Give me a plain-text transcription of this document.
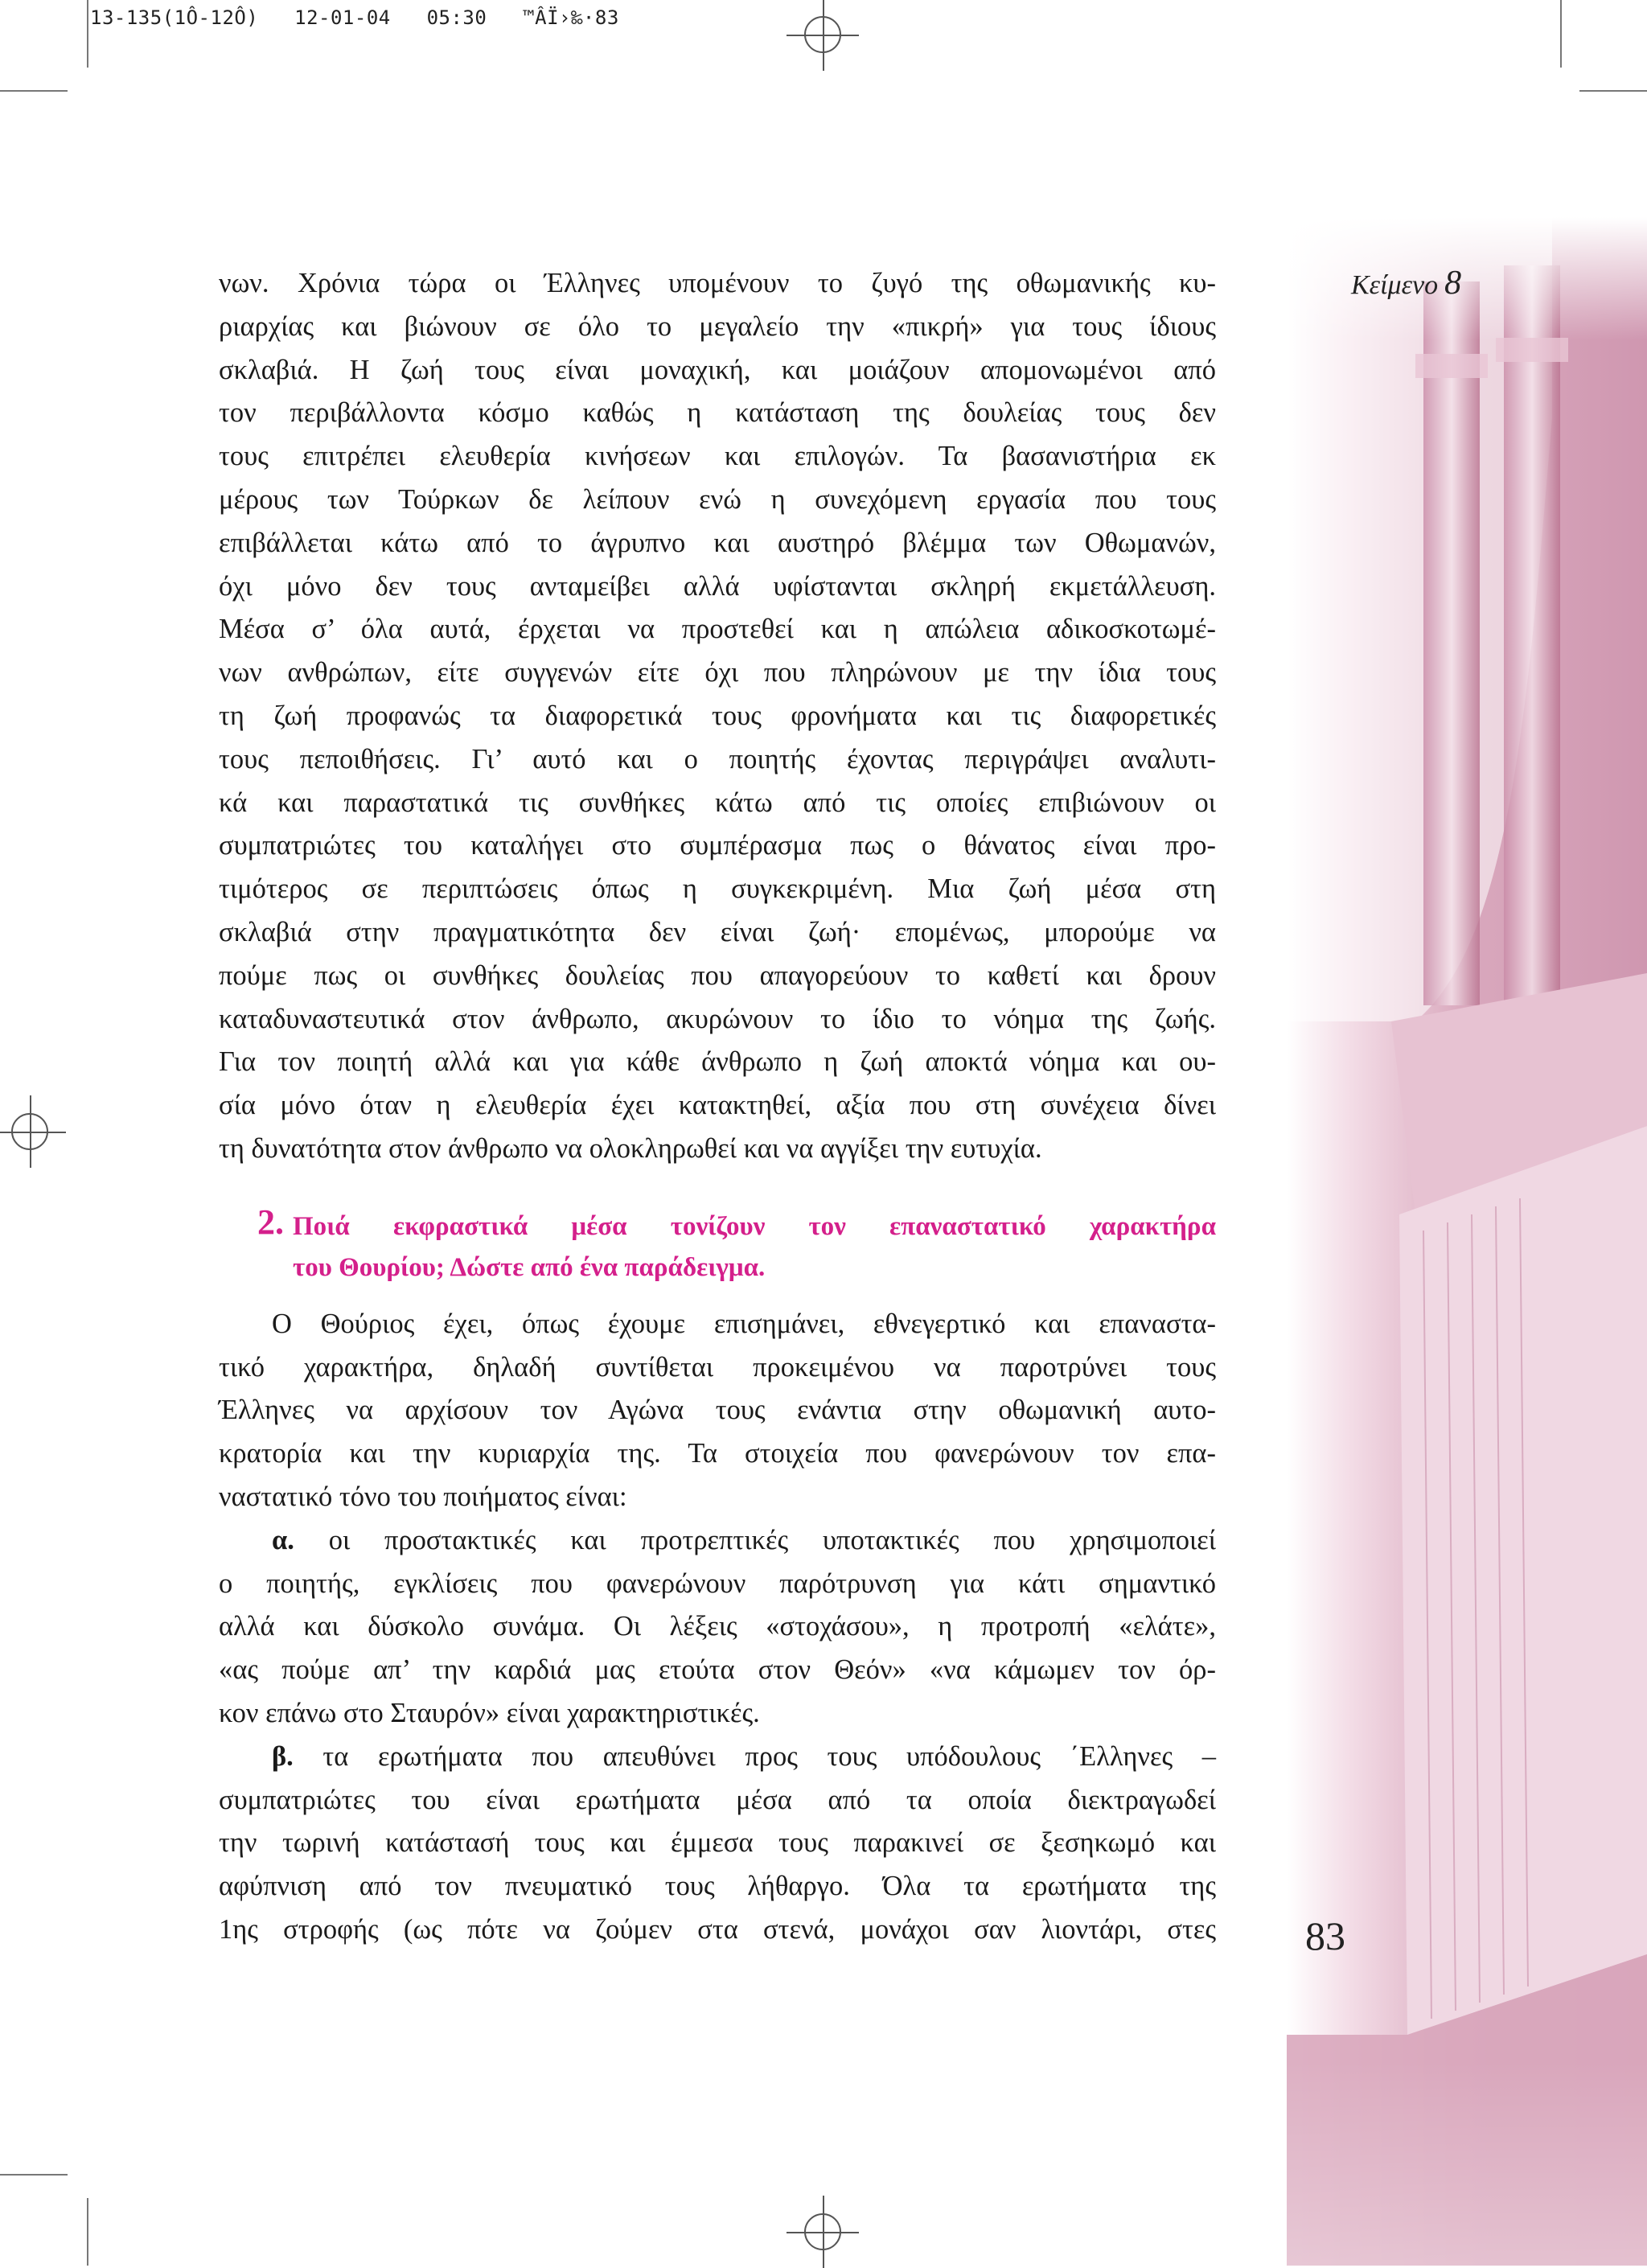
13-135(1Ô-12Ô)   12-01-04   05:30   ™ÂÏ›‰·83
Κείμενο 8

νων. Χρόνια τώρα οι Έλληνες υπομένουν το ζυγό της οθωμανικής κυ-

ριαρχίας και βιώνουν σε όλο το μεγαλείο την «πικρή» για τους ίδιους

σκλαβιά. Η ζωή τους είναι μοναχική, και μοιάζουν απομονωμένοι από

τον περιβάλλοντα κόσμο καθώς η κατάσταση της δουλείας τους δεν

τους επιτρέπει ελευθερία κινήσεων και επιλογών. Τα βασανιστήρια εκ

μέρους των Τούρκων δε λείπουν ενώ η συνεχόμενη εργασία που τους

επιβάλλεται κάτω από το άγρυπνο και αυστηρό βλέμμα των Οθωμανών,

όχι μόνο δεν τους ανταμείβει αλλά υφίστανται σκληρή εκμετάλλευση.

Μέσα σ’ όλα αυτά, έρχεται να προστεθεί και η απώλεια αδικοσκοτωμέ-

νων ανθρώπων, είτε συγγενών είτε όχι που πληρώνουν με την ίδια τους

τη ζωή προφανώς τα διαφορετικά τους φρονήματα και τις διαφορετικές

τους πεποιθήσεις. Γι’ αυτό και ο ποιητής έχοντας περιγράψει αναλυτι-

κά και παραστατικά τις συνθήκες κάτω από τις οποίες επιβιώνουν οι

συμπατριώτες του καταλήγει στο συμπέρασμα πως ο θάνατος είναι προ-

τιμότερος σε περιπτώσεις όπως η συγκεκριμένη. Μια ζωή μέσα στη

σκλαβιά στην πραγματικότητα δεν είναι ζωή· επομένως, μπορούμε να

πούμε πως οι συνθήκες δουλείας που απαγορεύουν το καθετί και δρουν

καταδυναστευτικά στον άνθρωπο, ακυρώνουν το ίδιο το νόημα της ζωής.

Για τον ποιητή αλλά και για κάθε άνθρωπο η ζωή αποκτά νόημα και ου-

σία μόνο όταν η ελευθερία έχει κατακτηθεί, αξία που στη συνέχεια δίνει

τη δυνατότητα στον άνθρωπο να ολοκληρωθεί και να αγγίξει την ευτυχία.

2. Ποιά εκφραστικά μέσα τονίζουν τον επαναστατικό χαρακτήρα

του Θουρίου; Δώστε από ένα παράδειγμα.

Ο Θούριος έχει, όπως έχουμε επισημάνει, εθνεγερτικό και επαναστα-

τικό χαρακτήρα, δηλαδή συντίθεται προκειμένου να παροτρύνει τους

Έλληνες να αρχίσουν τον Αγώνα τους ενάντια στην οθωμανική αυτο-

κρατορία και την κυριαρχία της. Τα στοιχεία που φανερώνουν τον επα-

ναστατικό τόνο του ποιήματος είναι:

α. οι προστακτικές και προτρεπτικές υποτακτικές που χρησιμοποιεί

ο ποιητής, εγκλίσεις που φανερώνουν παρότρυνση για κάτι σημαντικό

αλλά και δύσκολο συνάμα. Οι λέξεις «στοχάσου», η προτροπή «ελάτε»,

«ας πούμε απ’ την καρδιά μας ετούτα στον Θεόν» «να κάμωμεν τον όρ-

κον επάνω στο Σταυρόν» είναι χαρακτηριστικές.

β. τα ερωτήματα που απευθύνει προς τους υπόδουλους ΄Ελληνες –

συμπατριώτες του είναι ερωτήματα μέσα από τα οποία διεκτραγωδεί

την τωρινή κατάστασή τους και έμμεσα τους παρακινεί σε ξεσηκωμό και

αφύπνιση από τον πνευματικό τους λήθαργο. Όλα τα ερωτήματα της

1ης στροφής (ως πότε να ζούμεν στα στενά, μονάχοι σαν λιοντάρι, στες 83
